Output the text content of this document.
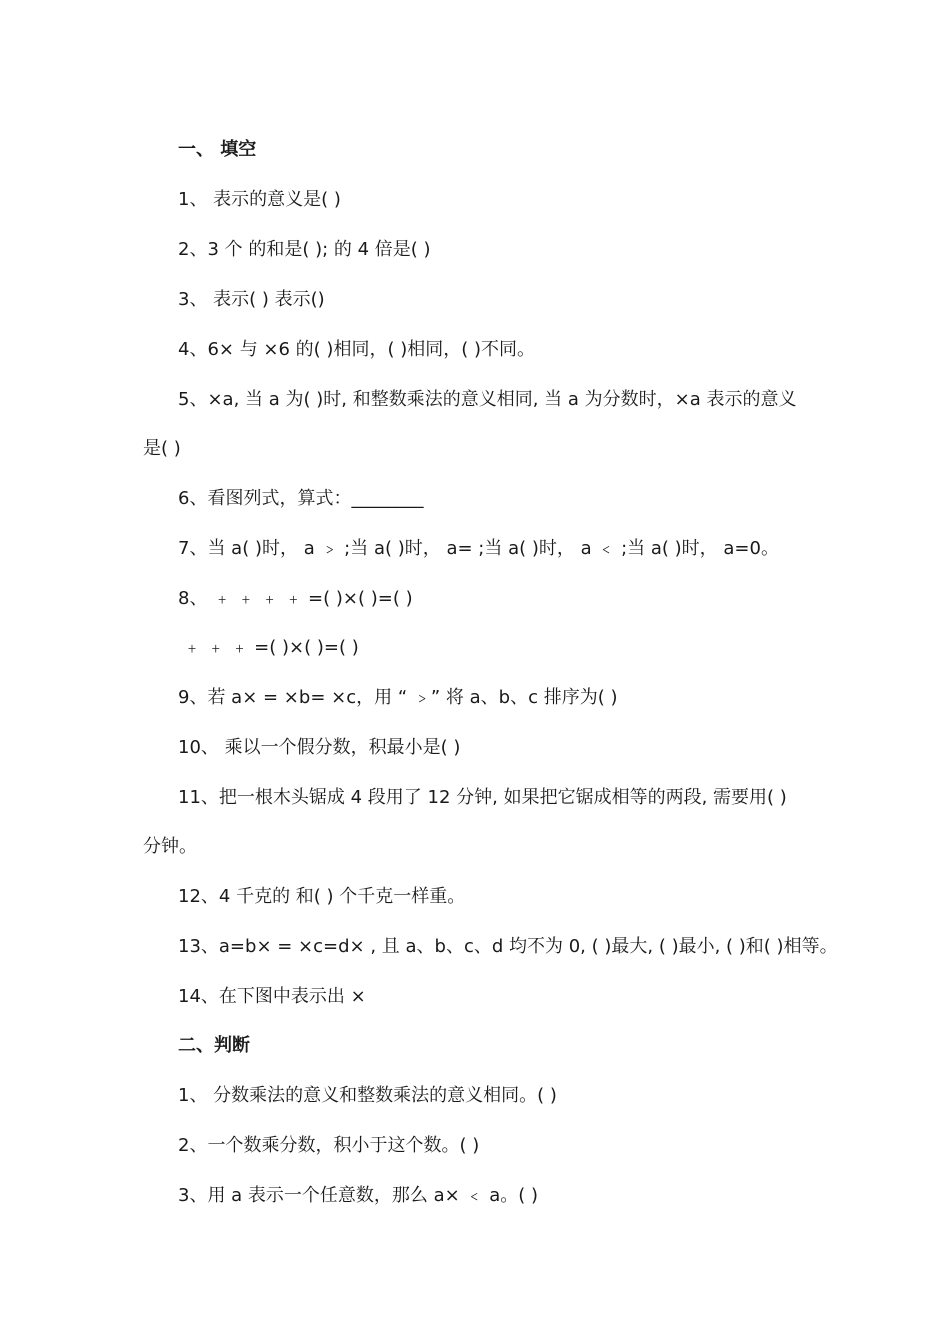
一、 填空
1、 表示的意义是( )
2、3 个 的和是( ); 的 4 倍是( )
3、 表示( ) 表示()
4、6× 与 ×6 的( )相同，( )相同，( )不同。
5、×a, 当 a 为( )时, 和整数乘法的意义相同, 当 a 为分数时，×a 表示的意义
是( )
6、看图列式，算式：________
7、当 a( )时， a ﹥ ;当 a( )时， a= ;当 a( )时， a ﹤ ;当 a( )时， a=0。
8、 ﹢ ﹢ ﹢ ﹢ =( )×( )=( )
﹢ ﹢ ﹢ =( )×( )=( )
9、若 a× = ×b= ×c，用 “ ﹥” 将 a、b、c 排序为( )
10、 乘以一个假分数，积最小是( )
11、把一根木头锯成 4 段用了 12 分钟, 如果把它锯成相等的两段, 需要用( )
分钟。
12、4 千克的 和( ) 个千克一样重。
13、a=b× = ×c=d× , 且 a、b、c、d 均不为 0, ( )最大, ( )最小, ( )和( )相等。
14、在下图中表示出 ×
二、判断
1、 分数乘法的意义和整数乘法的意义相同。( )
2、一个数乘分数，积小于这个数。( )
3、用 a 表示一个任意数，那么 a× ﹤ a。( )
